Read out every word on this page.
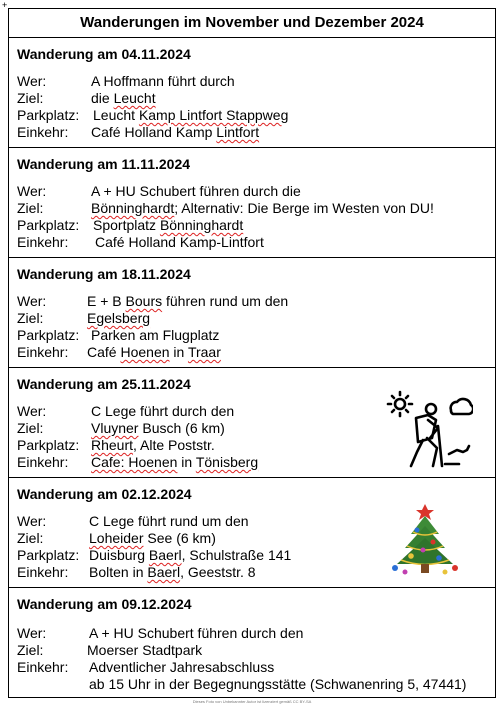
+
Wanderungen im November und Dezember 2024
Wanderung am 04.11.2024
Wer:	A Hoffmann führt durch
Ziel:	die Leucht
Parkplatz: Leucht Kamp Lintfort Stappweg
Einkehr: Café Holland Kamp Lintfort
Wanderung am 11.11.2024
Wer:	A + HU Schubert führen durch die
Ziel:	Bönninghardt; Alternativ: Die Berge im Westen von DU!
Parkplatz: Sportplatz Bönninghardt
Einkehr: Café Holland Kamp-Lintfort
Wanderung am 18.11.2024
Wer:	E + B Bours führen rund um den
Ziel:	Egelsberg
Parkplatz: Parken am Flugplatz
Einkehr: Café Hoenen in Traar
Wanderung am 25.11.2024
Wer:	C Lege führt durch den
Ziel:	Vluyner Busch (6 km)
Parkplatz: Rheurt, Alte Poststr.
Einkehr: Cafe: Hoenen in Tönisberg
Wanderung am 02.12.2024
Wer:	C Lege führt rund um den
Ziel:	Loheider See (6 km)
Parkplatz: Duisburg Baerl, Schulstraße 141
Einkehr: Bolten in Baerl, Geeststr. 8
Wanderung am 09.12.2024
Wer:	A + HU Schubert führen durch den
Ziel:	Moerser Stadtpark
Einkehr: Adventlicher Jahresabschluss
ab 15 Uhr in der Begegnungsstätte (Schwanenring 5, 47441)
Dieses Foto von Unbekannter Autor ist lizenziert gemäß CC BY-SA
